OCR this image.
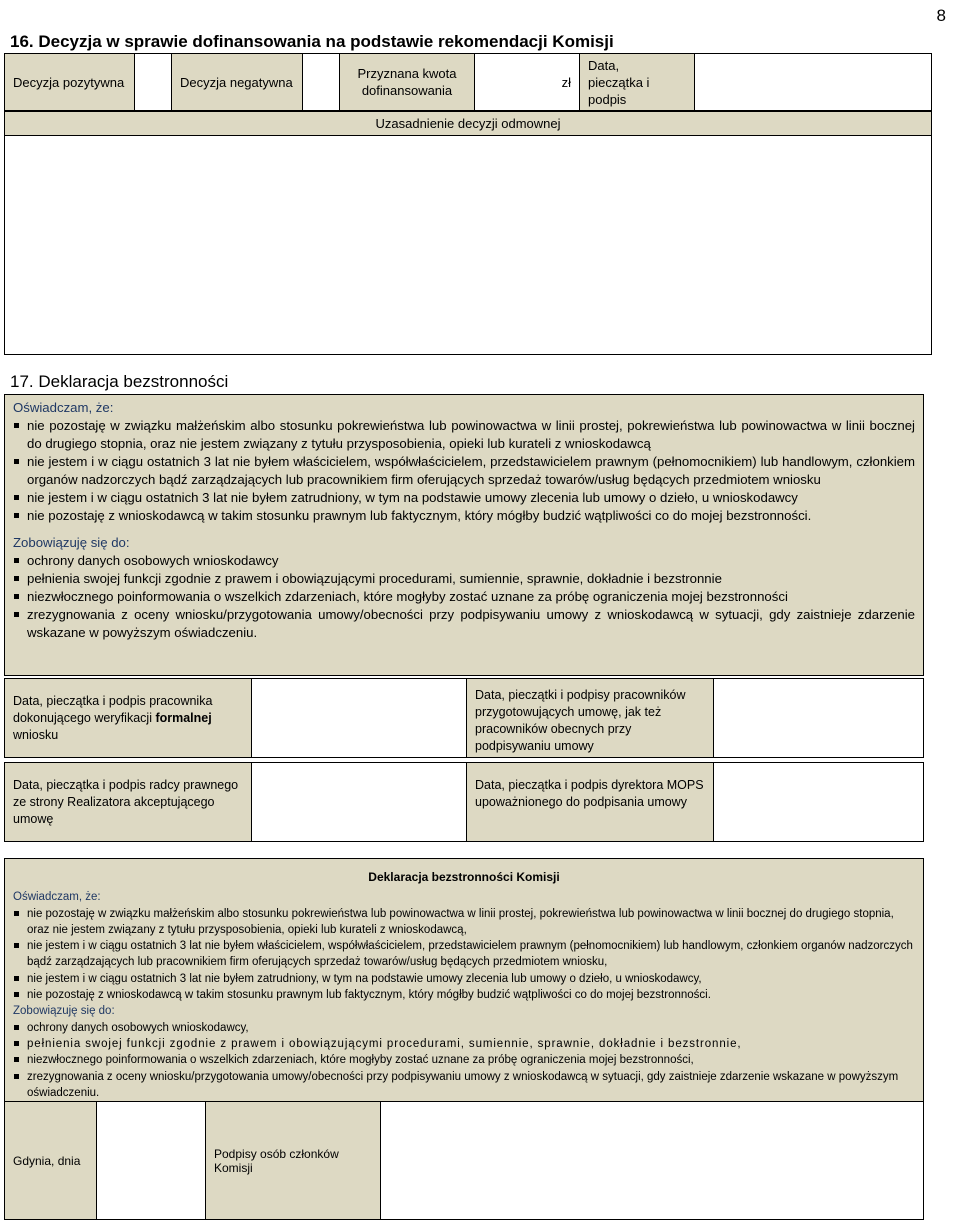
8
16. Decyzja w sprawie dofinansowania na podstawie rekomendacji Komisji
Decyzja pozytywna	Decyzja negatywna
Przyznana kwota
dofinansowania
zł
Data,
pieczątka i podpis
Uzasadnienie decyzji odmownej
17. Deklaracja bezstronności
Oświadczam, że:
nie pozostaję w związku małżeńskim albo stosunku pokrewieństwa lub powinowactwa w linii prostej, pokrewieństwa lub powinowactwa w linii bocznej do drugiego stopnia, oraz nie jestem związany z tytułu przysposobienia, opieki lub kurateli z wnioskodawcą
nie jestem i w ciągu ostatnich 3 lat nie byłem właścicielem, współwłaścicielem, przedstawicielem prawnym (pełnomocnikiem) lub handlowym, członkiem organów nadzorczych bądź zarządzających lub pracownikiem firm oferujących sprzedaż towarów/usług będących przedmiotem wniosku
nie jestem i w ciągu ostatnich 3 lat nie byłem zatrudniony, w tym na podstawie umowy zlecenia lub umowy o dzieło, u wnioskodawcy
nie pozostaję z wnioskodawcą w takim stosunku prawnym lub faktycznym, który mógłby budzić wątpliwości co do mojej bezstronności.
Zobowiązuję się do:
ochrony danych osobowych wnioskodawcy
pełnienia swojej funkcji zgodnie z prawem i obowiązującymi procedurami, sumiennie, sprawnie, dokładnie i bezstronnie
niezwłocznego poinformowania o wszelkich zdarzeniach, które mogłyby zostać uznane za próbę ograniczenia mojej bezstronności
zrezygnowania z oceny wniosku/przygotowania umowy/obecności przy podpisywaniu umowy z wnioskodawcą w sytuacji, gdy zaistnieje zdarzenie wskazane w powyższym oświadczeniu.
Data, pieczątka i podpis pracownika dokonującego weryfikacji formalnej wniosku
Data, pieczątki i podpisy pracowników przygotowujących umowę, jak też pracowników obecnych przy podpisywaniu umowy
Data, pieczątka i podpis radcy prawnego ze strony Realizatora akceptującego umowę
Data, pieczątka i podpis dyrektora MOPS upoważnionego do podpisania umowy
Deklaracja bezstronności Komisji
Oświadczam, że:
nie pozostaję w związku małżeńskim albo stosunku pokrewieństwa lub powinowactwa w linii prostej, pokrewieństwa lub powinowactwa w linii bocznej do drugiego stopnia, oraz nie jestem związany z tytułu przysposobienia, opieki lub kurateli z wnioskodawcą,
nie jestem i w ciągu ostatnich 3 lat nie byłem właścicielem, współwłaścicielem, przedstawicielem prawnym (pełnomocnikiem) lub handlowym, członkiem organów nadzorczych bądź zarządzających lub pracownikiem firm oferujących sprzedaż towarów/usług będących przedmiotem wniosku,
nie jestem i w ciągu ostatnich 3 lat nie byłem zatrudniony, w tym na podstawie umowy zlecenia lub umowy o dzieło, u wnioskodawcy,
nie pozostaję z wnioskodawcą w takim stosunku prawnym lub faktycznym, który mógłby budzić wątpliwości co do mojej bezstronności.
Zobowiązuję się do:
ochrony danych osobowych wnioskodawcy,
pełnienia swojej funkcji zgodnie z prawem i obowiązującymi procedurami, sumiennie, sprawnie, dokładnie i bezstronnie,
niezwłocznego poinformowania o wszelkich zdarzeniach, które mogłyby zostać uznane za próbę ograniczenia mojej bezstronności,
zrezygnowania z oceny wniosku/przygotowania umowy/obecności przy podpisywaniu umowy z wnioskodawcą w sytuacji, gdy zaistnieje zdarzenie wskazane w powyższym oświadczeniu.
Gdynia, dnia	Podpisy osób członków Komisji
